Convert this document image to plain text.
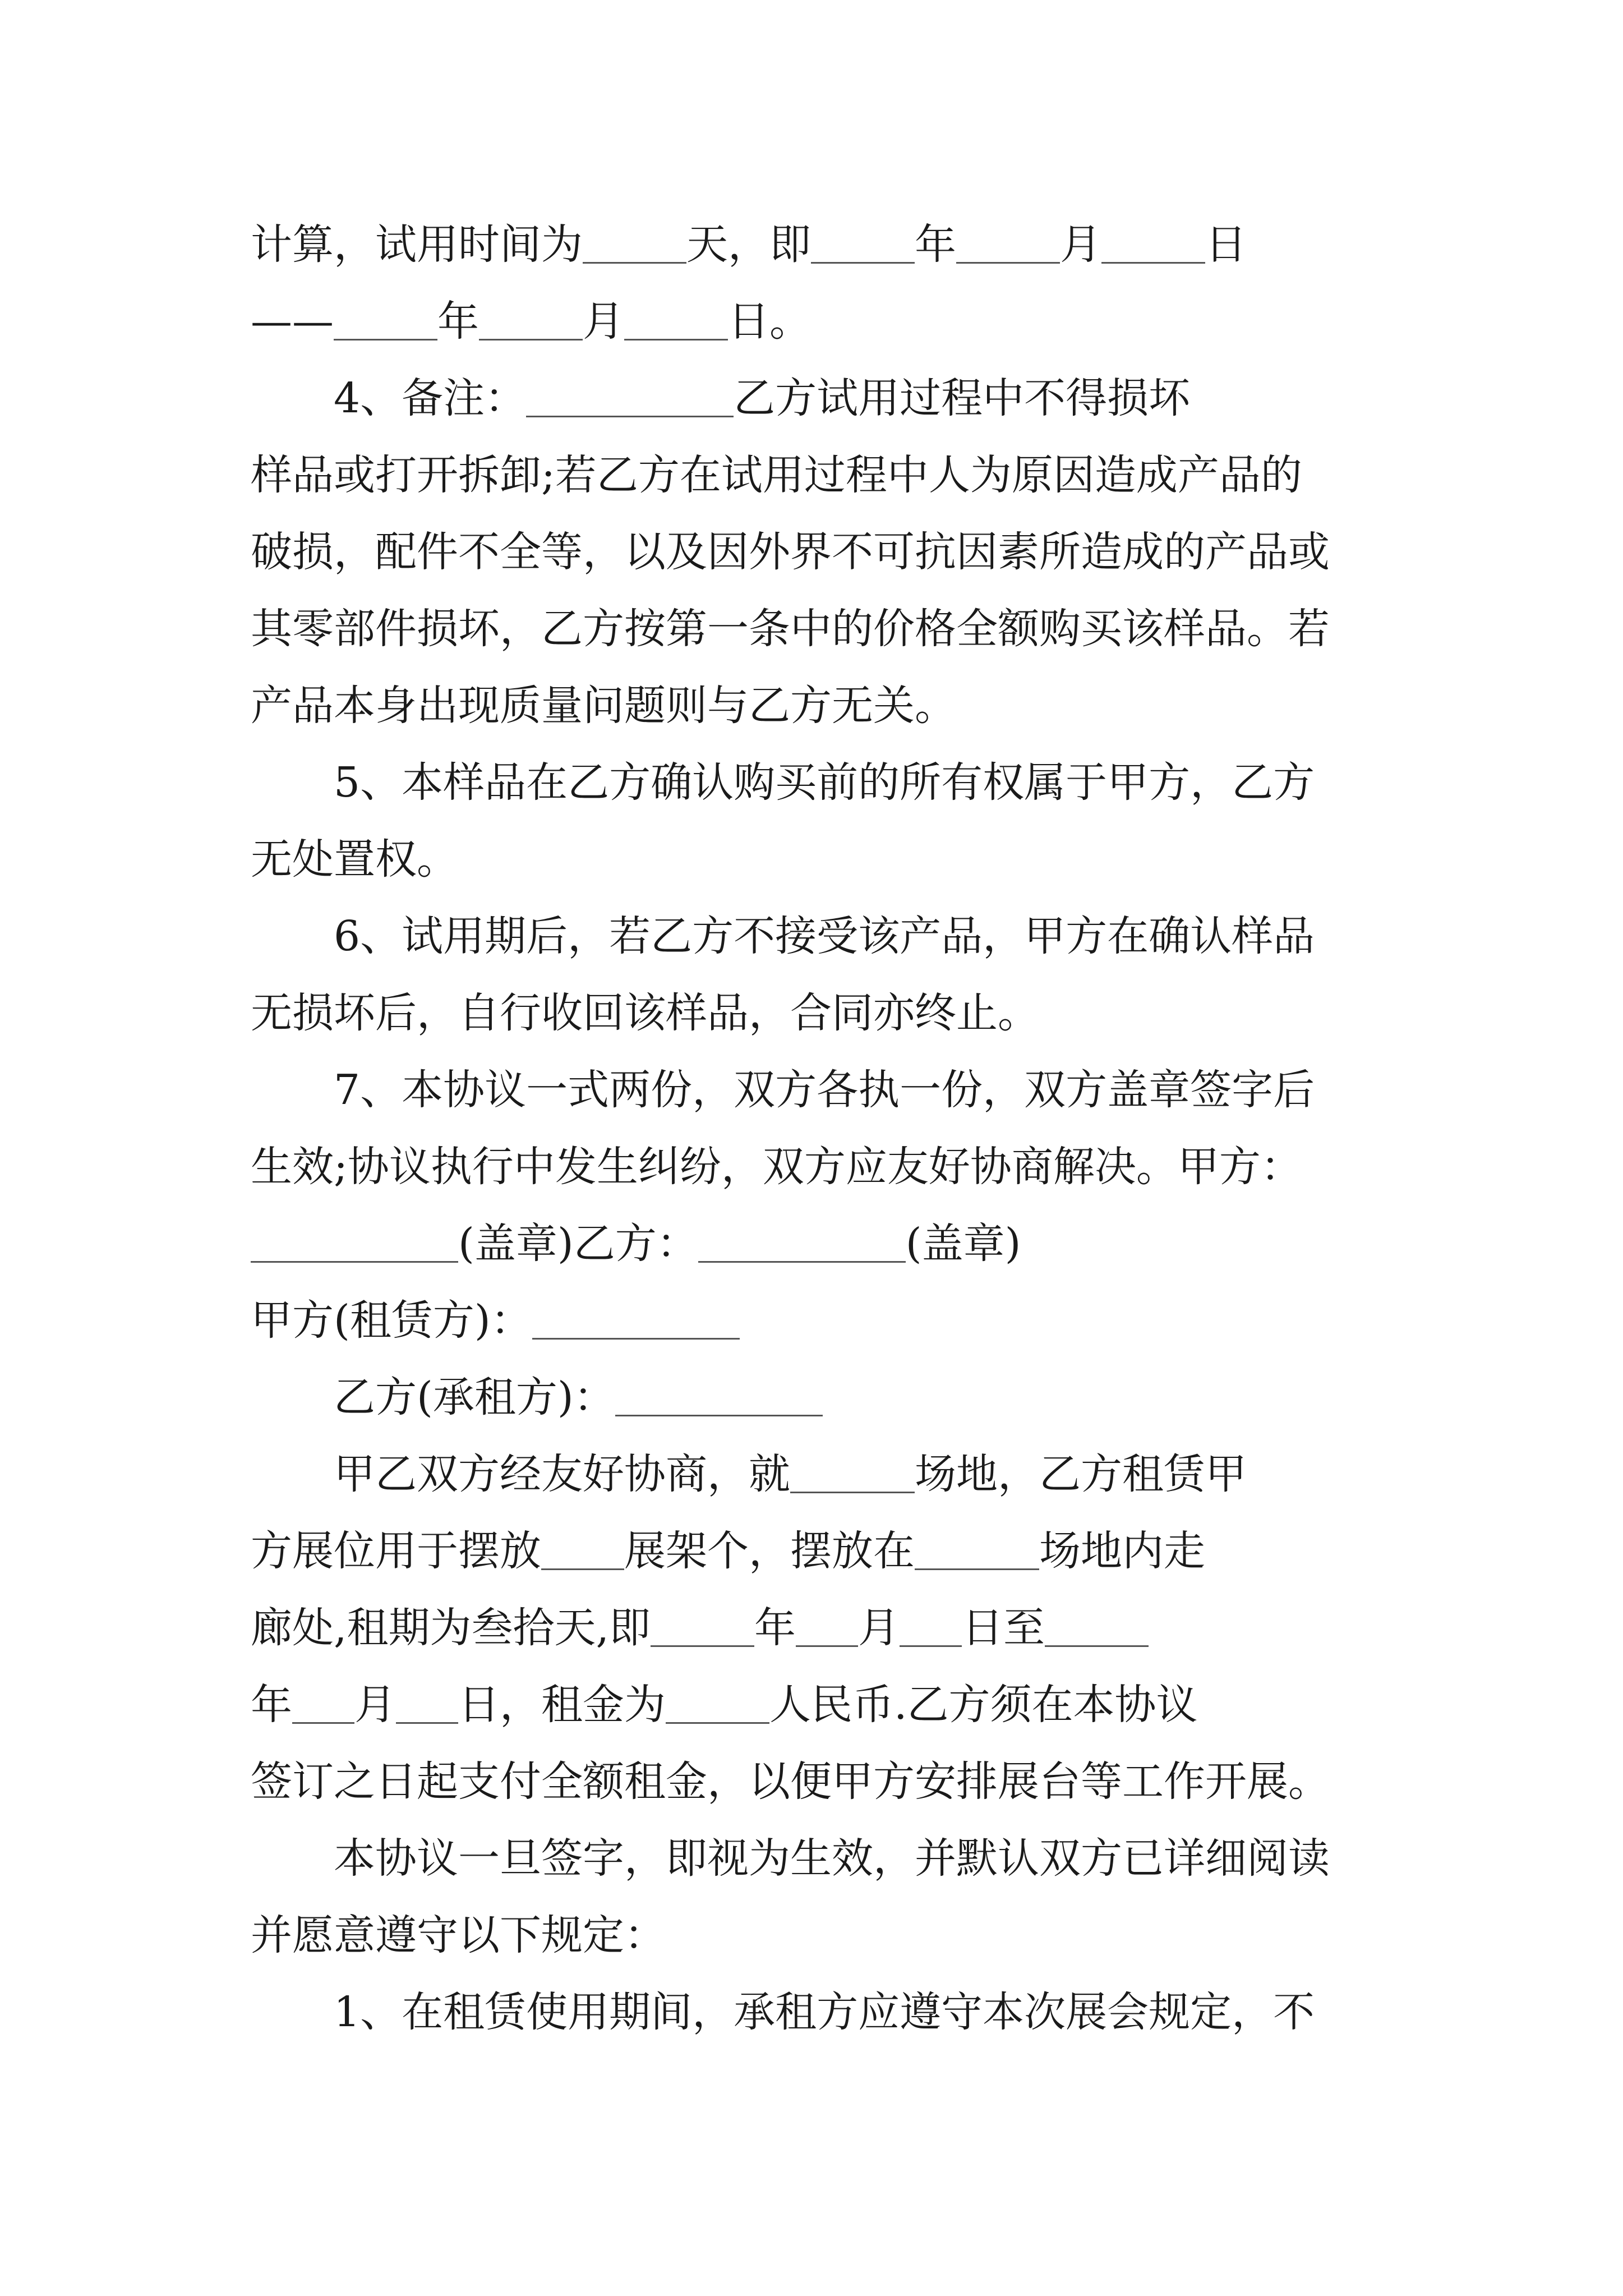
计算，试用时间为	天，即	年	月	日
——	年	月	日。
4、备注：	乙方试用过程中不得损坏
样品或打开拆卸;若乙方在试用过程中人为原因造成产品的
破损，配件不全等，以及因外界不可抗因素所造成的产品或
其零部件损坏，乙方按第一条中的价格全额购买该样品。若
产品本身出现质量问题则与乙方无关。
5、本样品在乙方确认购买前的所有权属于甲方，乙方
无处置权。
6、试用期后，若乙方不接受该产品，甲方在确认样品
无损坏后，自行收回该样品，合同亦终止。
7、本协议一式两份，双方各执一份，双方盖章签字后
生效;协议执行中发生纠纷，双方应友好协商解决。甲方：
(盖章)乙方：	(盖章)
甲方(租赁方)：
乙方(承租方)：
甲乙双方经友好协商，就	场地，乙方租赁甲
方展位用于摆放 展架个，摆放在	场地内走
廊处,租期为叁拾天,即	年 月 日至
年 月 日，租金为	人民币.乙方须在本协议
签订之日起支付全额租金，以便甲方安排展台等工作开展。
本协议一旦签字，即视为生效，并默认双方已详细阅读
并愿意遵守以下规定：
1、在租赁使用期间，承租方应遵守本次展会规定，不
